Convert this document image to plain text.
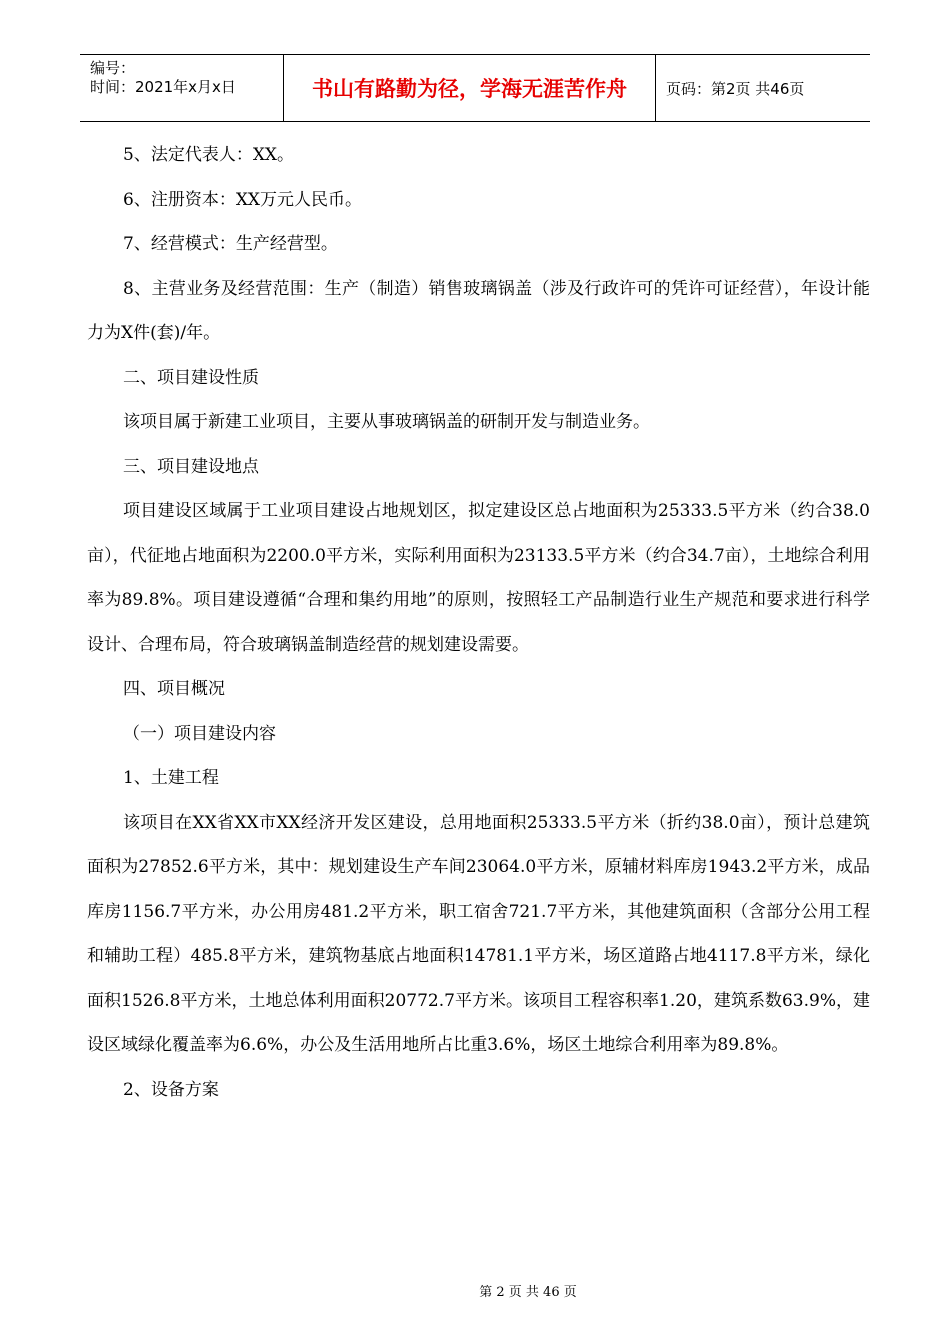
编号：
时间：2021年x月x日	书山有路勤为径，学海无涯苦作舟	页码：第2页 共46页

5、法定代表人：XX。

6、注册资本：XX万元人民币。

7、经营模式：生产经营型。

8、主营业务及经营范围：生产（制造）销售玻璃锅盖（涉及行政许可的凭许可证经营），年设计能力为X件(套)/年。

二、项目建设性质

该项目属于新建工业项目，主要从事玻璃锅盖的研制开发与制造业务。

三、项目建设地点

项目建设区域属于工业项目建设占地规划区，拟定建设区总占地面积为25333.5平方米（约合38.0亩），代征地占地面积为2200.0平方米，实际利用面积为23133.5平方米（约合34.7亩），土地综合利用率为89.8%。项目建设遵循“合理和集约用地”的原则，按照轻工产品制造行业生产规范和要求进行科学设计、合理布局，符合玻璃锅盖制造经营的规划建设需要。

四、项目概况

（一）项目建设内容

1、土建工程

该项目在XX省XX市XX经济开发区建设，总用地面积25333.5平方米（折约38.0亩），预计总建筑面积为27852.6平方米，其中：规划建设生产车间23064.0平方米，原辅材料库房1943.2平方米，成品库房1156.7平方米，办公用房481.2平方米，职工宿舍721.7平方米，其他建筑面积（含部分公用工程和辅助工程）485.8平方米，建筑物基底占地面积14781.1平方米，场区道路占地4117.8平方米，绿化面积1526.8平方米，土地总体利用面积20772.7平方米。该项目工程容积率1.20，建筑系数63.9%，建设区域绿化覆盖率为6.6%，办公及生活用地所占比重3.6%，场区土地综合利用率为89.8%。

2、设备方案

第 2 页 共 46 页
